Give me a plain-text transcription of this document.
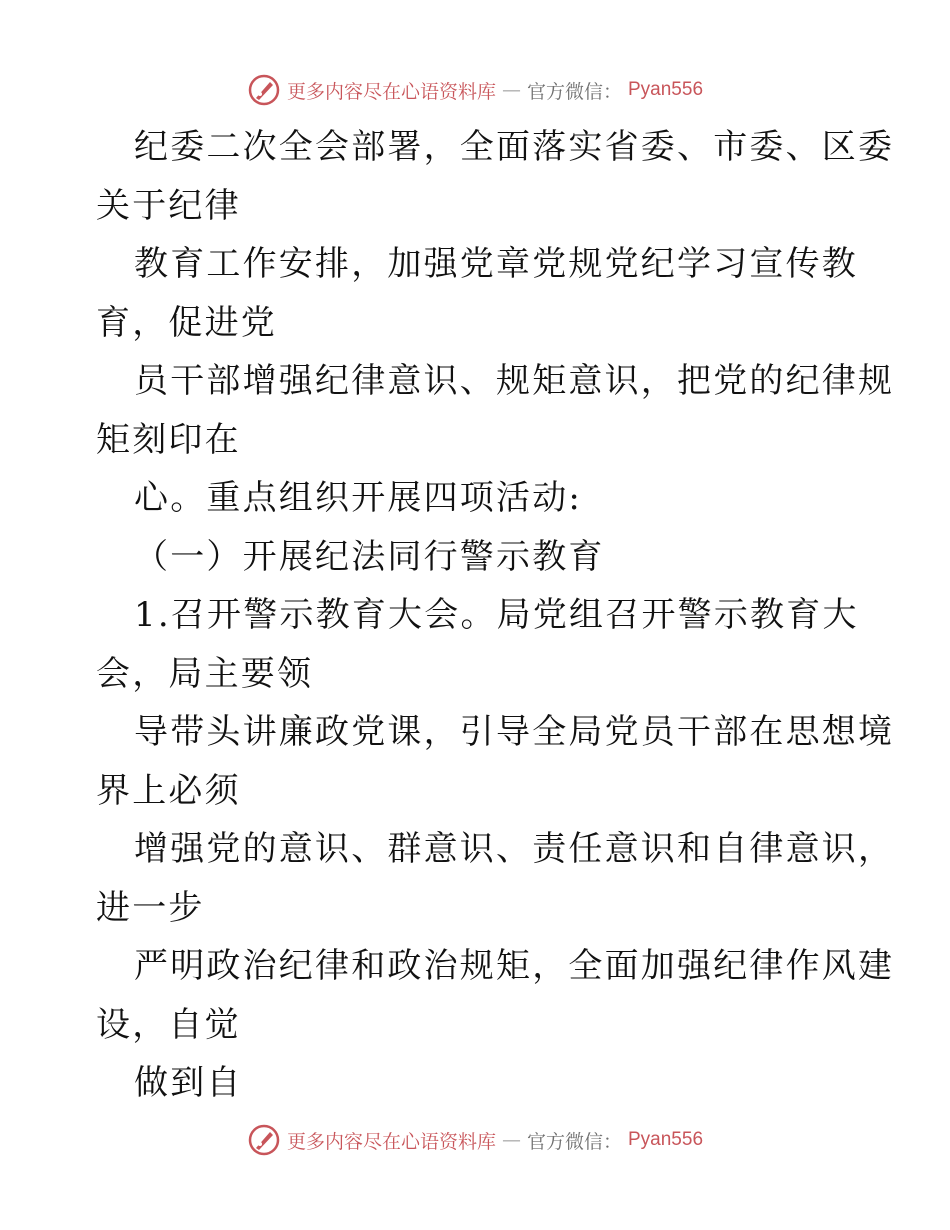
更多内容尽在心语资料库 — 官方微信： Pyan556

纪委二次全会部署，全面落实省委、市委、区委

关于纪律

教育工作安排，加强党章党规党纪学习宣传教

育，促进党

员干部增强纪律意识、规矩意识，把党的纪律规

矩刻印在

心。重点组织开展四项活动:

（一）开展纪法同行警示教育

1.召开警示教育大会。局党组召开警示教育大

会，局主要领

导带头讲廉政党课，引导全局党员干部在思想境

界上必须

增强党的意识、群意识、责任意识和自律意识，

进一步

严明政治纪律和政治规矩，全面加强纪律作风建

设，自觉

做到自

更多内容尽在心语资料库 — 官方微信： Pyan556
